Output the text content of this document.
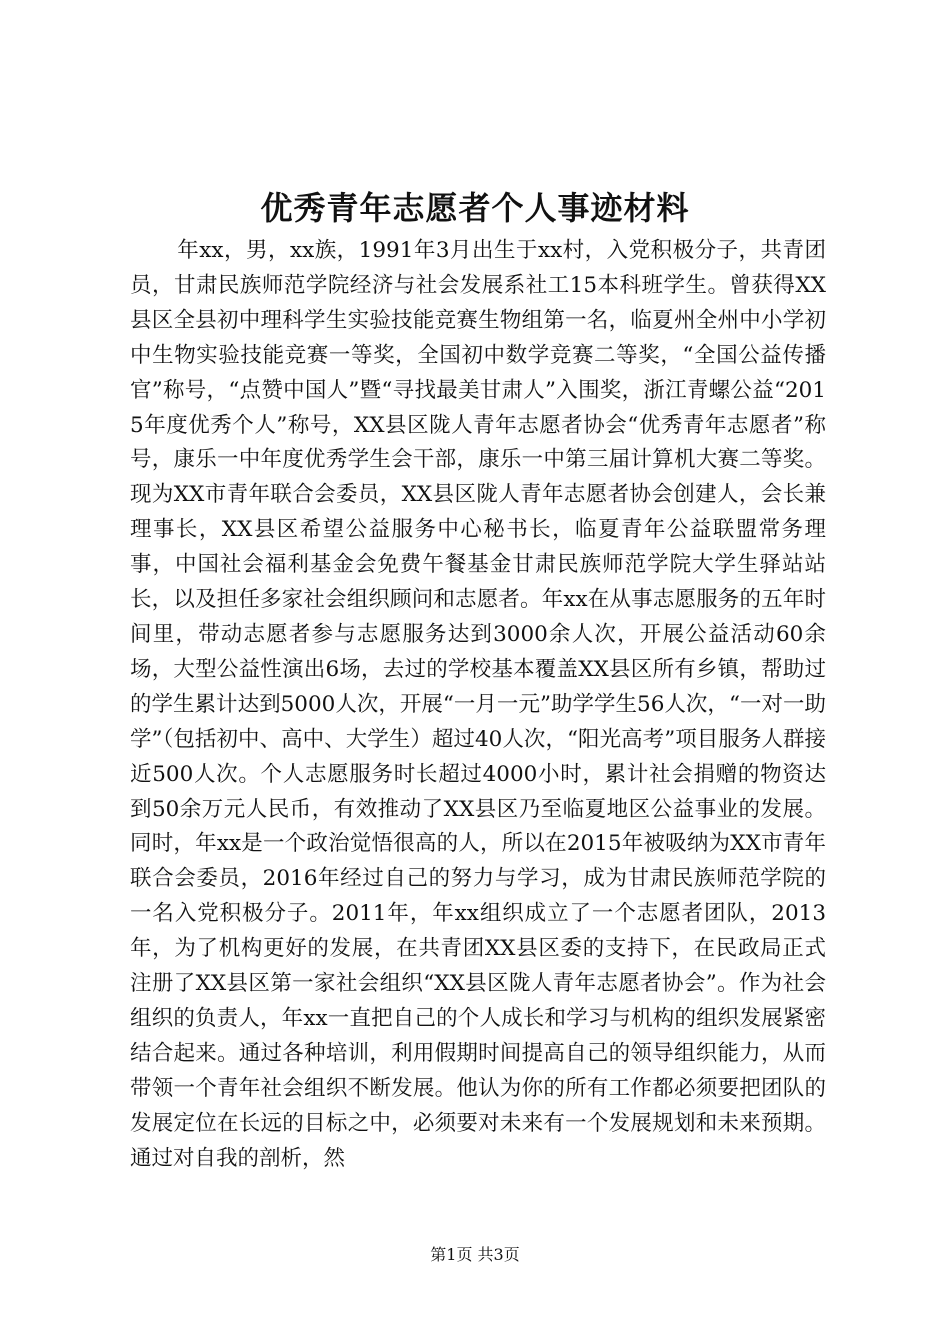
优秀青年志愿者个人事迹材料

年xx，男，xx族，1991年3月出生于xx村，入党积极分子，共青团员，甘肃民族师范学院经济与社会发展系社工15本科班学生。曾获得XX县区全县初中理科学生实验技能竞赛生物组第一名，临夏州全州中小学初中生物实验技能竞赛一等奖，全国初中数学竞赛二等奖，“全国公益传播官”称号，“点赞中国人”暨“寻找最美甘肃人”入围奖，浙江青螺公益“2015年度优秀个人”称号，XX县区陇人青年志愿者协会“优秀青年志愿者”称号，康乐一中年度优秀学生会干部，康乐一中第三届计算机大赛二等奖。现为XX市青年联合会委员，XX县区陇人青年志愿者协会创建人，会长兼理事长，XX县区希望公益服务中心秘书长，临夏青年公益联盟常务理事，中国社会福利基金会免费午餐基金甘肃民族师范学院大学生驿站站长，以及担任多家社会组织顾问和志愿者。年xx在从事志愿服务的五年时间里，带动志愿者参与志愿服务达到3000余人次，开展公益活动60余场，大型公益性演出6场，去过的学校基本覆盖XX县区所有乡镇，帮助过的学生累计达到5000人次，开展“一月一元”助学学生56人次，“一对一助学”（包括初中、高中、大学生）超过40人次，“阳光高考”项目服务人群接近500人次。个人志愿服务时长超过4000小时，累计社会捐赠的物资达到50余万元人民币，有效推动了XX县区乃至临夏地区公益事业的发展。同时，年xx是一个政治觉悟很高的人，所以在2015年被吸纳为XX市青年联合会委员，2016年经过自己的努力与学习，成为甘肃民族师范学院的一名入党积极分子。2011年，年xx组织成立了一个志愿者团队，2013年，为了机构更好的发展，在共青团XX县区委的支持下，在民政局正式注册了XX县区第一家社会组织“XX县区陇人青年志愿者协会”。作为社会组织的负责人，年xx一直把自己的个人成长和学习与机构的组织发展紧密结合起来。通过各种培训，利用假期时间提高自己的领导组织能力，从而带领一个青年社会组织不断发展。他认为你的所有工作都必须要把团队的发展定位在长远的目标之中，必须要对未来有一个发展规划和未来预期。通过对自我的剖析，然

第1页 共3页
